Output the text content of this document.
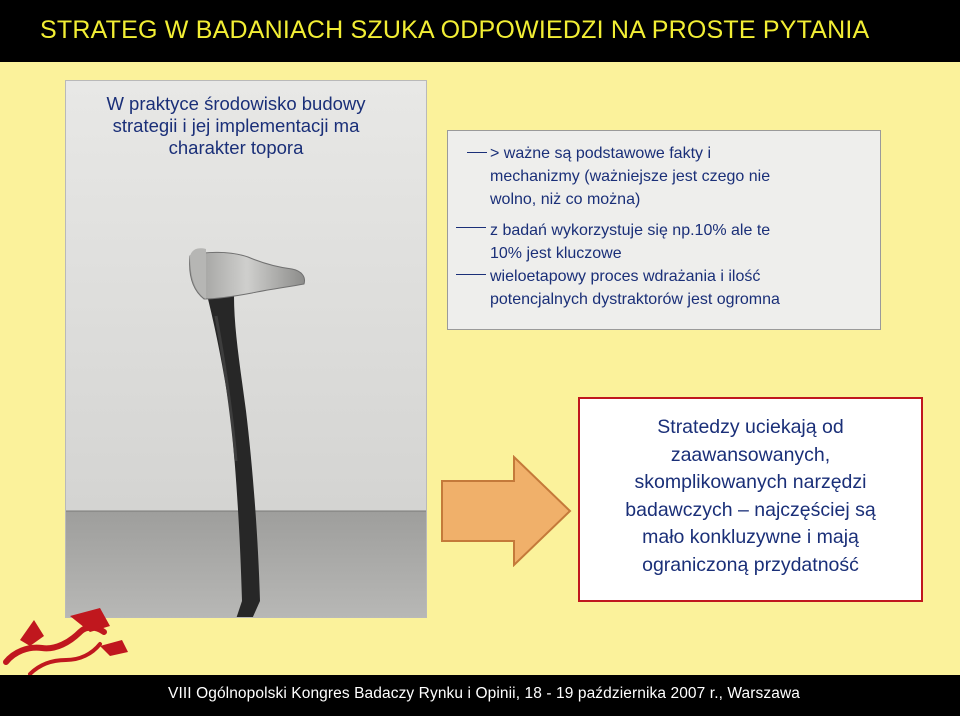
STRATEG W BADANIACH SZUKA ODPOWIEDZI NA PROSTE PYTANIA
W praktyce środowisko budowy
strategii i jej implementacji ma
charakter topora	> ważne są podstawowe fakty i
mechanizmy (ważniejsze jest czego nie
wolno, niż co można)
z badań wykorzystuje się np.10% ale te
10% jest kluczowe
wieloetapowy proces wdrażania i ilość
potencjalnych dystraktorów jest ogromna
Stratedzy uciekają od
zaawansowanych,
skomplikowanych narzędzi
badawczych – najczęściej są
mało konkluzywne i mają
ograniczoną przydatność
VIII Ogólnopolski Kongres Badaczy Rynku i Opinii, 18 - 19 października 2007 r., Warszawa
